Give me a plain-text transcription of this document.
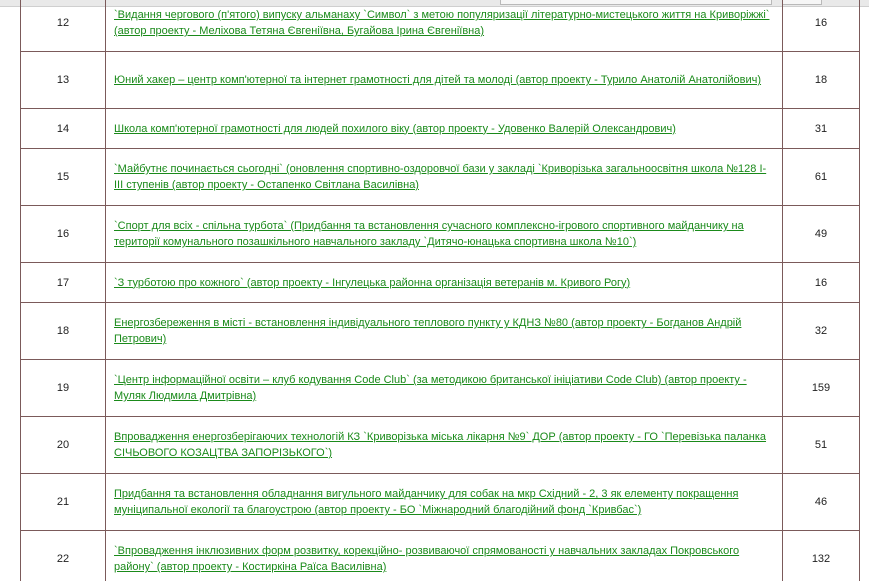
12	`Видання чергового (п'ятого) випуску альманаху `Символ` з метою популяризації літературно-мистецького життя на Криворіжжі` (автор проекту - Меліхова Тетяна Євгеніївна, Бугайова Ірина Євгеніївна)	16
13	Юний хакер – центр комп'ютерної та інтернет грамотності для дітей та молоді (автор проекту - Турило Анатолій Анатолійович)	18
14	Школа комп'ютерної грамотності для людей похилого віку (автор проекту - Удовенко Валерій Олександрович)	31
15	`Майбутнє починається сьогодні` (оновлення спортивно-оздоровчої бази у закладі `Криворізька загальноосвітня школа №128 І-ІІІ ступенів (автор проекту - Остапенко Світлана Василівна)	61
16	`Спорт для всіх - спільна турбота` (Придбання та встановлення сучасного комплексно-ігрового спортивного майданчику на території комунального позашкільного навчального закладу `Дитячо-юнацька спортивна школа №10`)	49
17	`З турботою про кожного` (автор проекту - Інгулецька районна організація ветеранів м. Кривого Рогу)	16
18	Енергозбереження в місті - встановлення індивідуального теплового пункту у КДНЗ №80 (автор проекту - Богданов Андрій Петрович)	32
19	`Центр інформаційної освіти – клуб кодування Code Club` (за методикою британської ініціативи Code Club) (автор проекту - Муляк Людмила Дмитрівна)	159
20	Впровадження енергозберігаючих технологій КЗ `Криворізька міська лікарня №9` ДОР (автор проекту - ГО `Перевізька паланка СІЧЬОВОГО КОЗАЦТВА ЗАПОРІЗЬКОГО`)	51
21	Придбання та встановлення обладнання вигульного майданчику для собак на мкр Східний - 2, 3 як елементу покращення муніципальної екології та благоустрою (автор проекту - БО `Міжнародний благодійний фонд `Кривбас`)	46
22	`Впровадження інклюзивних форм розвитку, корекційно- розвиваючої спрямованості у навчальних закладах Покровського району` (автор проекту - Костиркіна Раїса Василівна)	132
